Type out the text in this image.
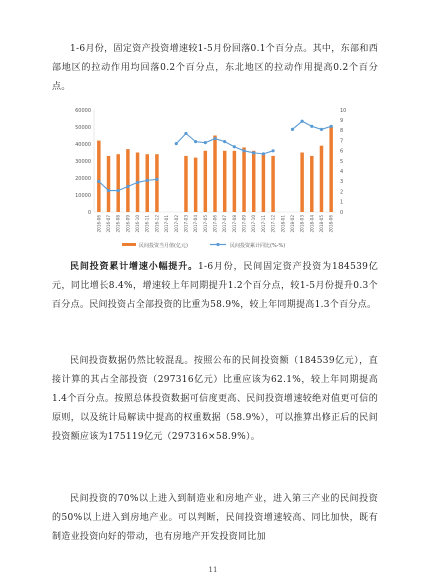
1-6月份，固定资产投资增速较1-5月份回落0.1个百分点。其中，东部和西部地区的拉动作用均回落0.2个百分点，东北地区的拉动作用提高0.2个百分点。

0
10000
20000
30000
40000
50000
60000
0
1
2
3
4
5
6
7
8
9
10
2016-06 2016-07 2016-08 2016-09 2016-10 2016-11 2016-12 2017-01 2017-02 2017-03 2017-04 2017-05 2017-06 2017-07 2017-08 2017-09 2017-10 2017-11 2017-12 2018-01 2018-02 2018-03 2018-04 2018-05 2018-06
民间投资当月值(亿元)	民间投资累计同比(%-%)

民间投资累计增速小幅提升。1-6月份，民间固定资产投资为184539亿元，同比增长8.4%，增速较上年同期提升1.2个百分点，较1-5月份提升0.3个百分点。民间投资占全部投资的比重为58.9%，较上年同期提高1.3个百分点。

民间投资数据仍然比较混乱。按照公布的民间投资额（184539亿元），直接计算的其占全部投资（297316亿元）比重应该为62.1%，较上年同期提高1.4个百分点。按照总体投资数据可信度更高、民间投资增速较绝对值更可信的原则，以及统计局解读中提高的权重数据（58.9%），可以推算出修正后的民间投资额应该为175119亿元（297316×58.9%）。

民间投资的70%以上进入到制造业和房地产业，进入第三产业的民间投资的50%以上进入到房地产业。可以判断，民间投资增速较高、同比加快，既有制造业投资向好的带动，也有房地产开发投资同比加

11
